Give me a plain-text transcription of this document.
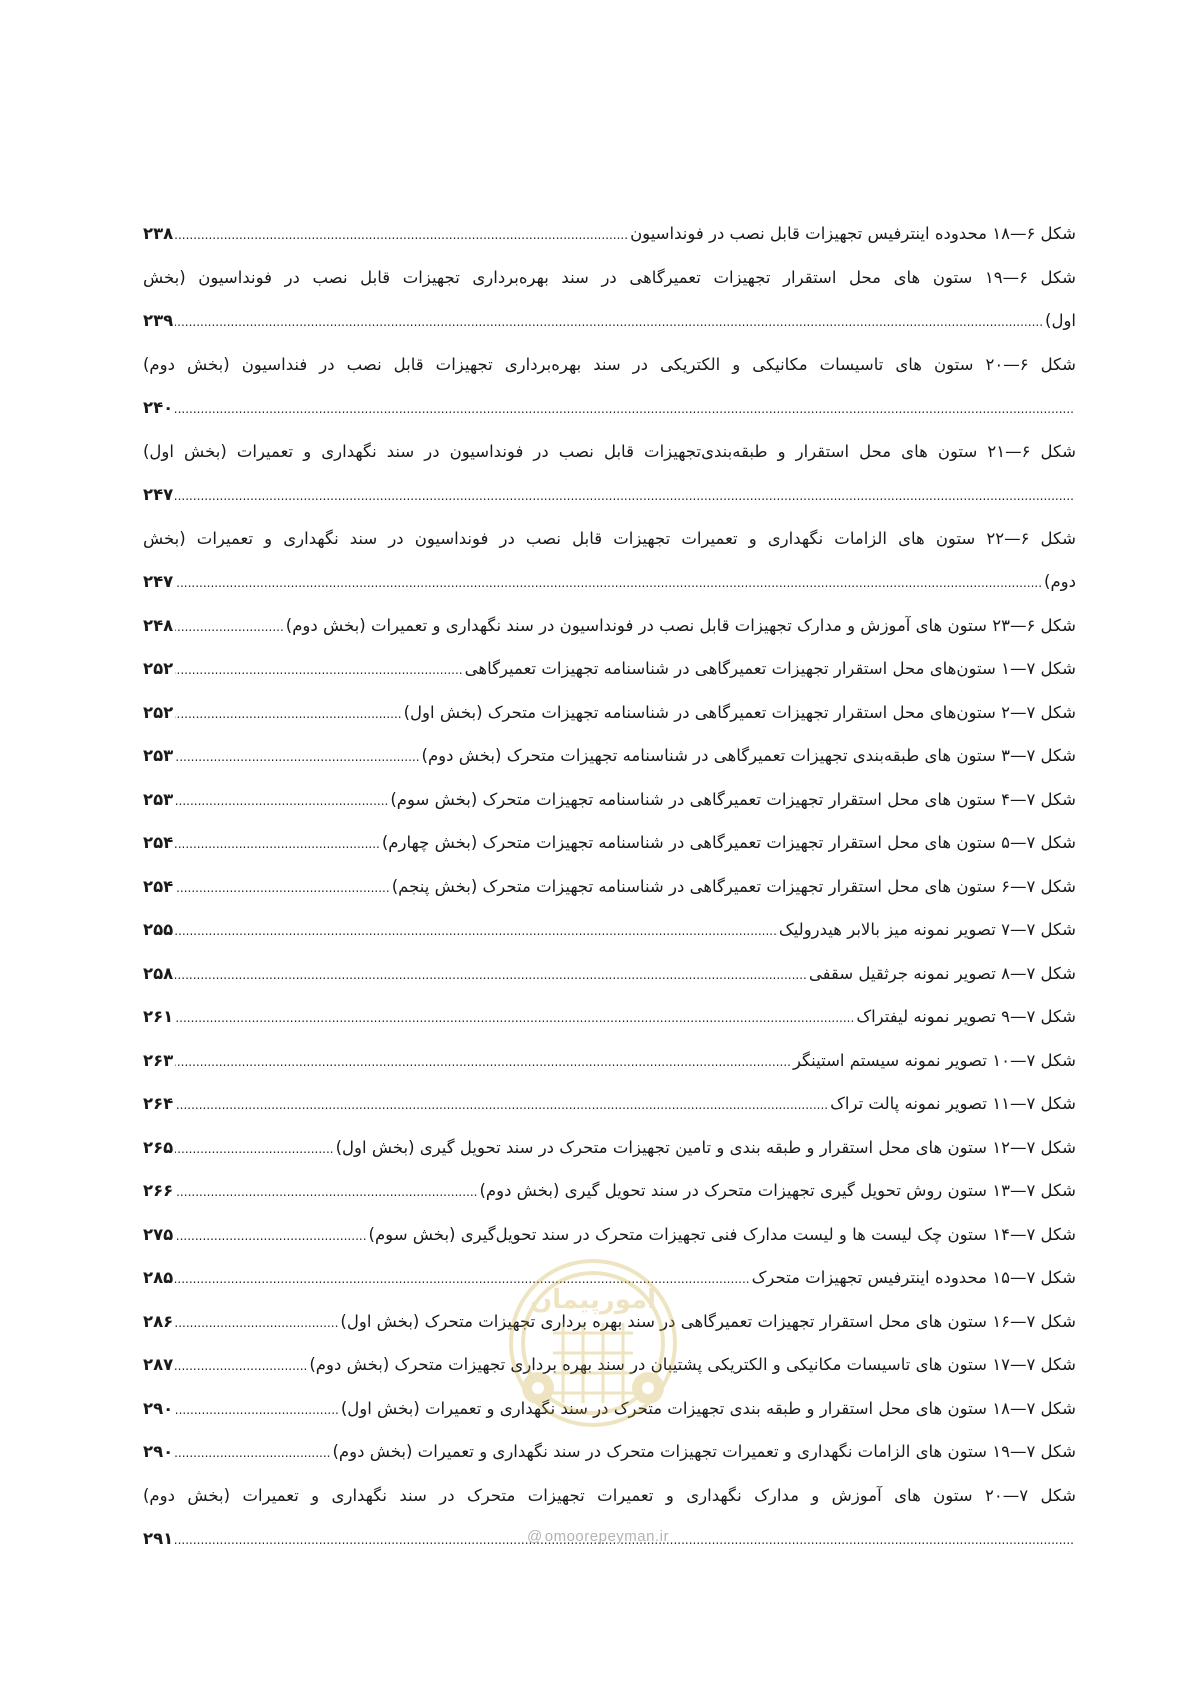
شکل ۶—۱۸ محدوده اینترفیس تجهیزات قابل نصب در فونداسیون
.....
۲۳۸
شکل ۶—۱۹ ستون های محل استقرار تجهیزات تعمیرگاهی در سند بهره‌برداری تجهیزات قابل نصب در فونداسیون (بخش
اول)
.....
۲۳۹
شکل ۶—۲۰ ستون های تاسیسات مکانیکی و الکتریکی در سند بهره‌برداری تجهیزات قابل نصب در فنداسیون (بخش دوم)
.....
۲۴۰
شکل ۶—۲۱ ستون های محل استقرار و طبقه‌بندی‌تجهیزات قابل نصب در فونداسیون در سند نگهداری و تعمیرات (بخش اول)
.....
۲۴۷
شکل ۶—۲۲ ستون های الزامات نگهداری و تعمیرات تجهیزات قابل نصب در فونداسیون در سند نگهداری و تعمیرات (بخش
دوم)
.....
۲۴۷
شکل ۶—۲۳ ستون های آموزش و مدارک تجهیزات قابل نصب در فونداسیون در سند نگهداری و تعمیرات (بخش دوم)
.....
۲۴۸
شکل ۷—۱ ستون‌های محل استقرار تجهیزات تعمیرگاهی در شناسنامه تجهیزات تعمیرگاهی
.....
۲۵۲
شکل ۷—۲ ستون‌های محل استقرار تجهیزات تعمیرگاهی در شناسنامه تجهیزات متحرک (بخش اول)
.....
۲۵۲
شکل ۷—۳ ستون های طبقه‌بندی تجهیزات تعمیرگاهی در شناسنامه تجهیزات متحرک (بخش دوم)
.....
۲۵۳
شکل ۷—۴ ستون های محل استقرار تجهیزات تعمیرگاهی در شناسنامه تجهیزات متحرک (بخش سوم)
.....
۲۵۳
شکل ۷—۵ ستون های محل استقرار تجهیزات تعمیرگاهی در شناسنامه تجهیزات متحرک (بخش چهارم)
.....
۲۵۴
شکل ۷—۶ ستون های محل استقرار تجهیزات تعمیرگاهی در شناسنامه تجهیزات متحرک (بخش پنجم)
.....
۲۵۴
شکل ۷—۷ تصویر نمونه میز بالابر هیدرولیک
.....
۲۵۵
شکل ۷—۸ تصویر نمونه جرثقیل سقفی
.....
۲۵۸
شکل ۷—۹ تصویر نمونه لیفتراک
.....
۲۶۱
شکل ۷—۱۰ تصویر نمونه سیستم استینگر
.....
۲۶۳
شکل ۷—۱۱ تصویر نمونه پالت تراک
.....
۲۶۴
شکل ۷—۱۲ ستون های محل استقرار و طبقه بندی و تامین تجهیزات متحرک در سند تحویل گیری (بخش اول)
.....
۲۶۵
شکل ۷—۱۳ ستون روش تحویل گیری تجهیزات متحرک در سند تحویل گیری (بخش دوم)
.....
۲۶۶
شکل ۷—۱۴ ستون چک لیست ها و لیست مدارک فنی تجهیزات متحرک در سند تحویل‌گیری (بخش سوم)
.....
۲۷۵
شکل ۷—۱۵ محدوده اینترفیس تجهیزات متحرک
.....
۲۸۵
شکل ۷—۱۶ ستون های محل استقرار تجهیزات تعمیرگاهی در سند بهره برداری تجهیزات متحرک (بخش اول)
.....
۲۸۶
شکل ۷—۱۷ ستون های تاسیسات مکانیکی و الکتریکی پشتیبان در سند بهره برداری تجهیزات متحرک (بخش دوم)
.....
۲۸۷
شکل ۷—۱۸ ستون های محل استقرار و طبقه بندی تجهیزات متحرک در سند نگهداری و تعمیرات (بخش اول)
.....
۲۹۰
شکل ۷—۱۹ ستون های الزامات نگهداری و تعمیرات تجهیزات متحرک در سند نگهداری و تعمیرات (بخش دوم)
.....
۲۹۰
شکل ۷—۲۰ ستون های آموزش و مدارک نگهداری و تعمیرات تجهیزات متحرک در سند نگهداری و تعمیرات (بخش دوم)
.....
۲۹۱
امورپیمان
@ omoorepeyman.ir
